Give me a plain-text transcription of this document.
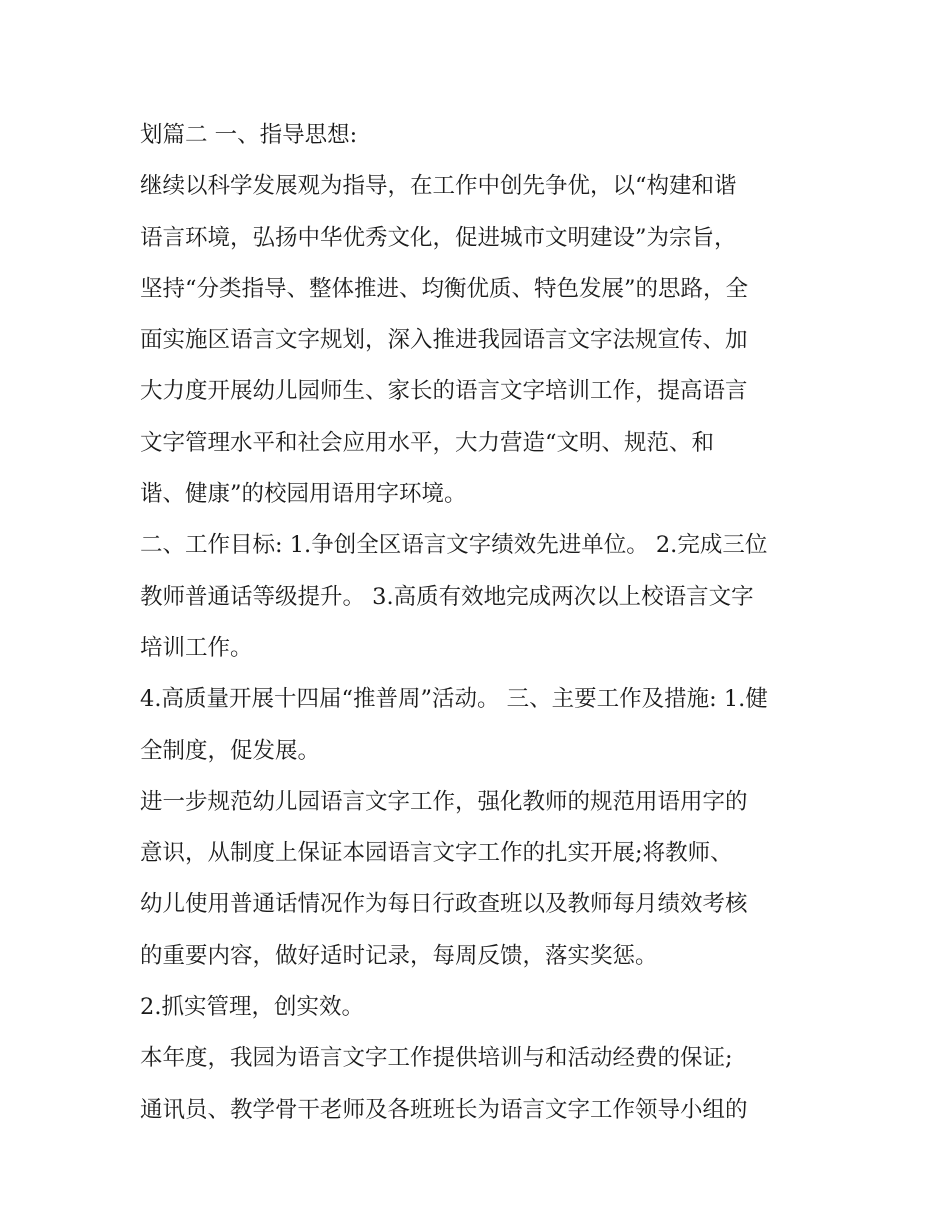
划篇二 一、指导思想:
继续以科学发展观为指导，在工作中创先争优，以“构建和谐
语言环境，弘扬中华优秀文化，促进城市文明建设”为宗旨，
坚持“分类指导、整体推进、均衡优质、特色发展”的思路，全
面实施区语言文字规划，深入推进我园语言文字法规宣传、加
大力度开展幼儿园师生、家长的语言文字培训工作，提高语言
文字管理水平和社会应用水平，大力营造“文明、规范、和
谐、健康”的校园用语用字环境。
二、工作目标: 1.争创全区语言文字绩效先进单位。 2.完成三位
教师普通话等级提升。 3.高质有效地完成两次以上校语言文字
培训工作。
4.高质量开展十四届“推普周”活动。 三、主要工作及措施: 1.健
全制度，促发展。
进一步规范幼儿园语言文字工作，强化教师的规范用语用字的
意识，从制度上保证本园语言文字工作的扎实开展;将教师、
幼儿使用普通话情况作为每日行政查班以及教师每月绩效考核
的重要内容，做好适时记录，每周反馈，落实奖惩。
2.抓实管理，创实效。
本年度，我园为语言文字工作提供培训与和活动经费的保证;
通讯员、教学骨干老师及各班班长为语言文字工作领导小组的
